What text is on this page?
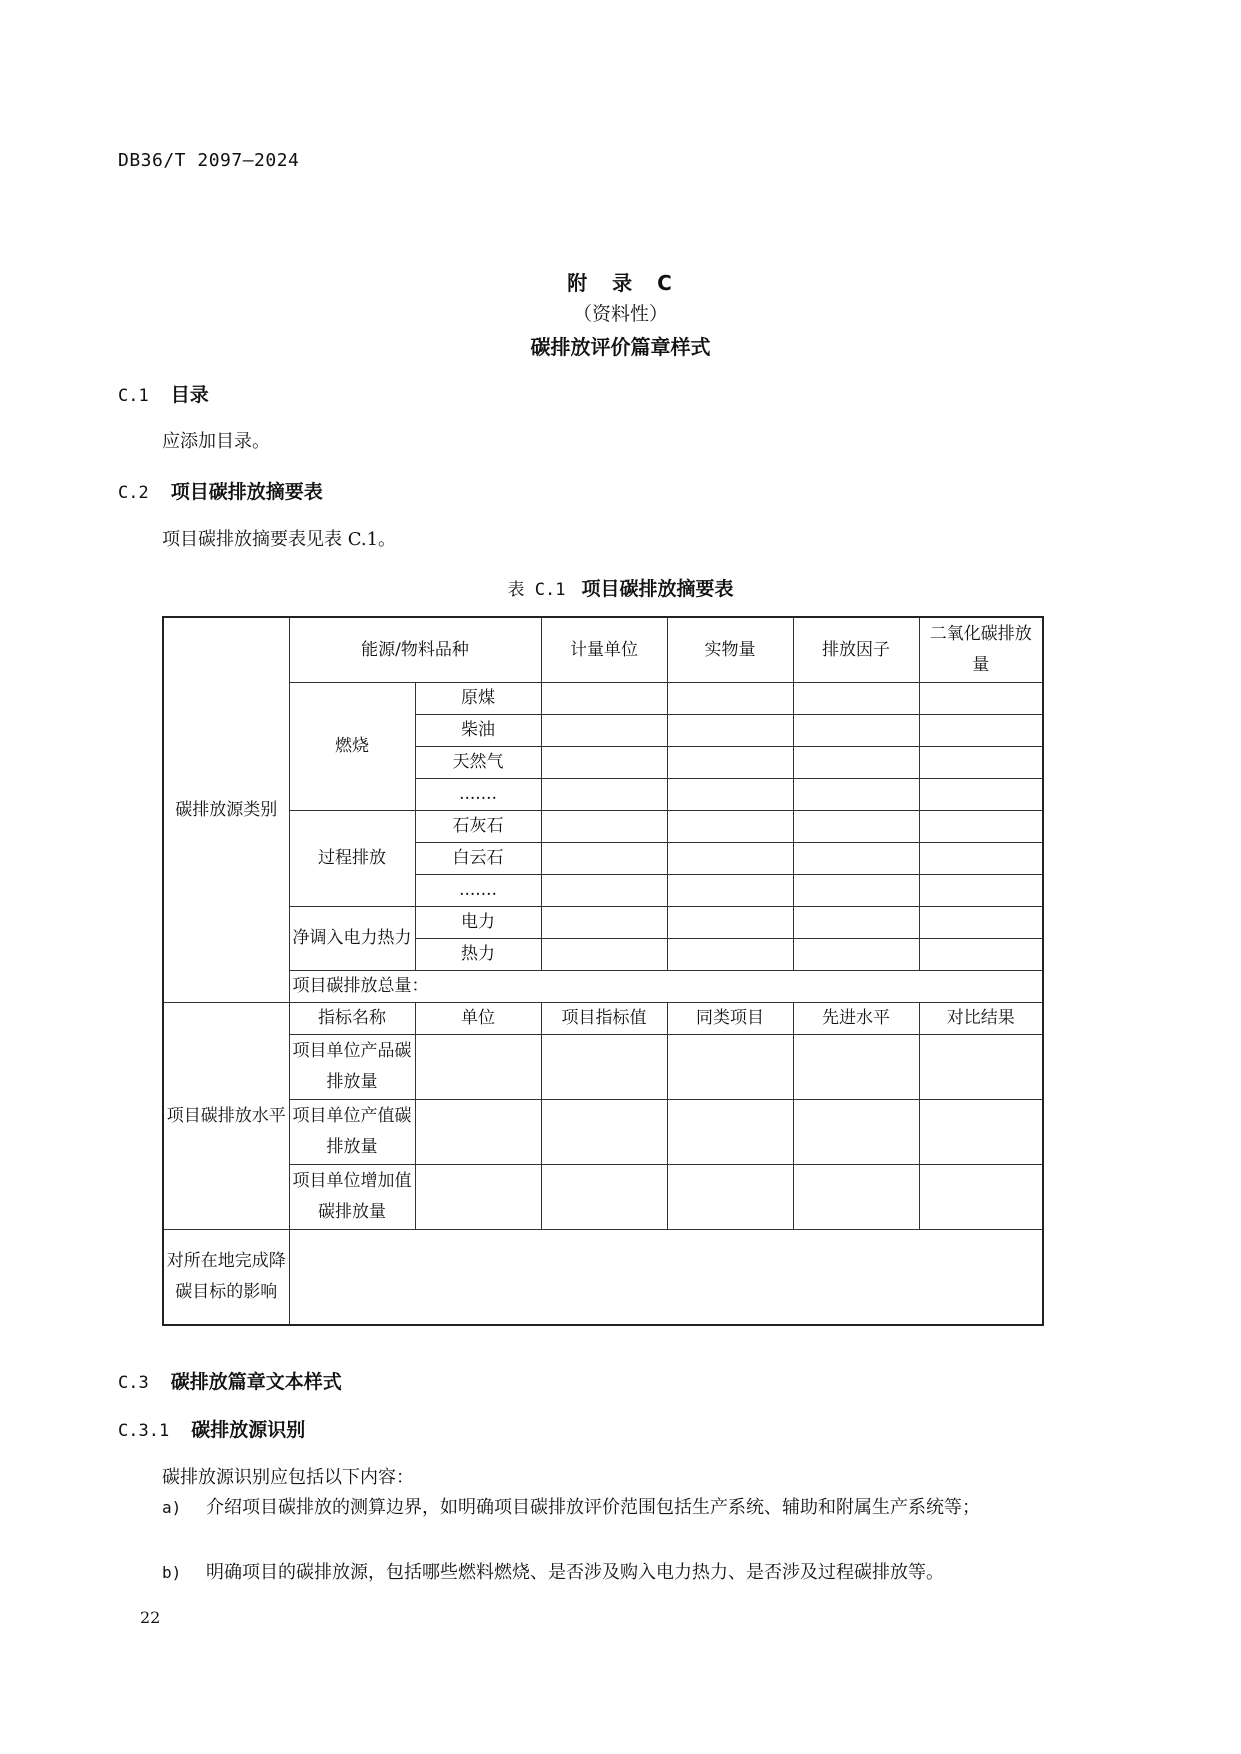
DB36/T 2097—2024
附 录 C
（资料性）
碳排放评价篇章样式
C.1 目录
应添加目录。
C.2 项目碳排放摘要表
项目碳排放摘要表见表 C.1。
表 C.1 项目碳排放摘要表
碳排放源类别	能源/物料品种		计量单位	实物量	排放因子	二氧化碳排放量
	燃烧	原煤				
		柴油				
		天然气				
		.......				
	过程排放	石灰石				
		白云石				
		.......				
	净调入电力热力	电力				
		热力				
	项目碳排放总量：					
项目碳排放水平	指标名称	单位	项目指标值	同类项目	先进水平	对比结果
	项目单位产品碳排放量					
	项目单位产值碳排放量					
	项目单位增加值碳排放量					
对所在地完成降碳目标的影响						
C.3 碳排放篇章文本样式
C.3.1 碳排放源识别
碳排放源识别应包括以下内容：
a) 介绍项目碳排放的测算边界，如明确项目碳排放评价范围包括生产系统、辅助和附属生产系统等；
b) 明确项目的碳排放源，包括哪些燃料燃烧、是否涉及购入电力热力、是否涉及过程碳排放等。
22
